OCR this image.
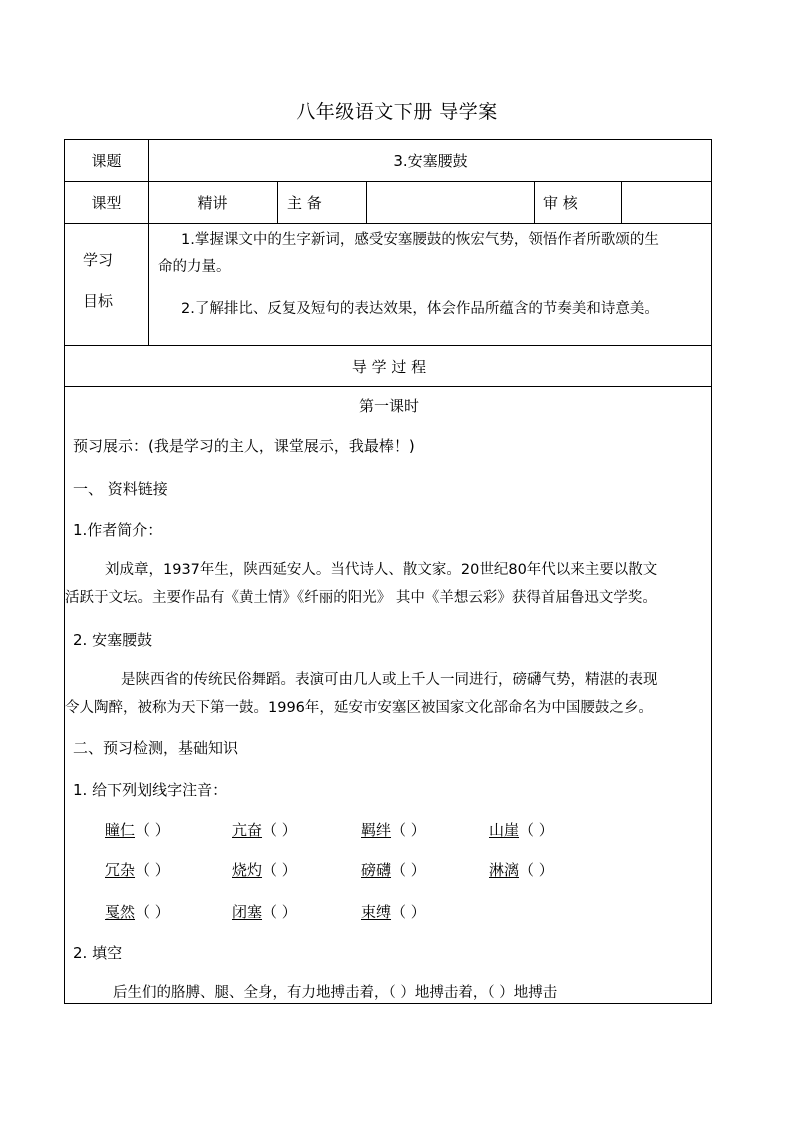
八年级语文下册 导学案
课题	3.安塞腰鼓
课型	精讲	主 备	审 核
学习
目标
1.掌握课文中的生字新词，感受安塞腰鼓的恢宏气势，领悟作者所歌颂的生
命的力量。
2.了解排比、反复及短句的表达效果，体会作品所蕴含的节奏美和诗意美。
导 学 过 程
第一课时
预习展示：(我是学习的主人，课堂展示，我最棒！)
一、 资料链接
1.作者简介：
刘成章，1937年生，陕西延安人。当代诗人、散文家。20世纪80年代以来主要以散文
活跃于文坛。主要作品有《黄土情》《纤丽的阳光》 其中《羊想云彩》获得首届鲁迅文学奖。
2. 安塞腰鼓
是陕西省的传统民俗舞蹈。表演可由几人或上千人一同进行，磅礴气势，精湛的表现
令人陶醉，被称为天下第一鼓。1996年，延安市安塞区被国家文化部命名为中国腰鼓之乡。
二、预习检测，基础知识
1. 给下列划线字注音：
瞳仁（ ）	亢奋（ ）	羁绊（ ）	山崖（ ）
冗杂（ ）	烧灼（ ）	磅礴（ ）	淋漓（ ）
戛然（ ）	闭塞（ ）	束缚（ ）
2. 填空
后生们的胳膊、腿、全身，有力地搏击着，（ ）地搏击着，（ ）地搏击
